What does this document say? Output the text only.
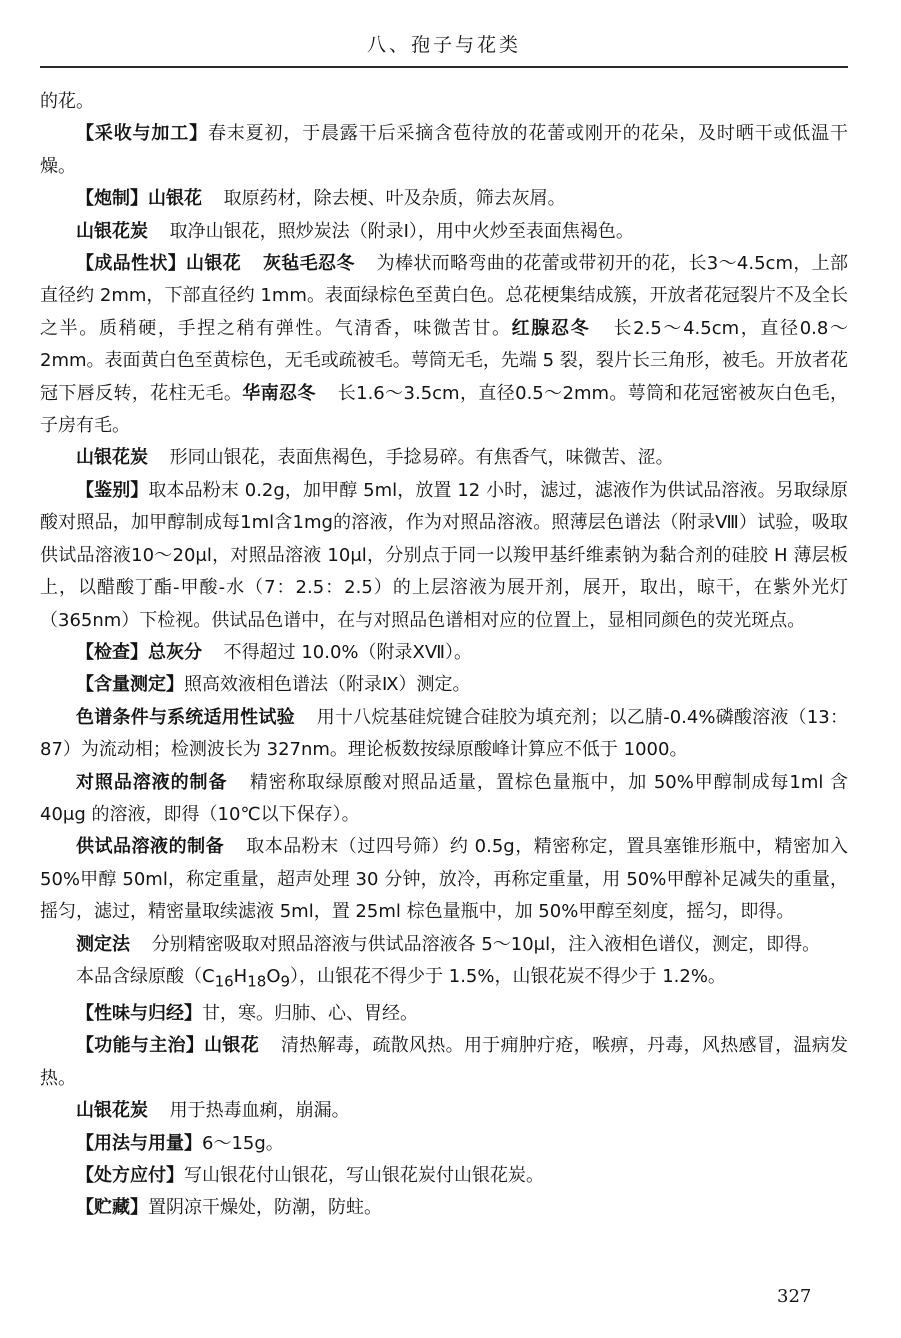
八、孢子与花类

的花。

【采收与加工】春末夏初，于晨露干后采摘含苞待放的花蕾或刚开的花朵，及时晒干或低温干燥。

【炮制】山银花 取原药材，除去梗、叶及杂质，筛去灰屑。

山银花炭 取净山银花，照炒炭法（附录Ⅰ），用中火炒至表面焦褐色。

【成品性状】山银花 灰毡毛忍冬 为棒状而略弯曲的花蕾或带初开的花，长3～4.5cm，上部直径约 2mm，下部直径约 1mm。表面绿棕色至黄白色。总花梗集结成簇，开放者花冠裂片不及全长之半。质稍硬，手捏之稍有弹性。气清香，味微苦甘。红腺忍冬 长2.5～4.5cm，直径0.8～2mm。表面黄白色至黄棕色，无毛或疏被毛。萼筒无毛，先端 5 裂，裂片长三角形，被毛。开放者花冠下唇反转，花柱无毛。华南忍冬 长1.6～3.5cm，直径0.5～2mm。萼筒和花冠密被灰白色毛，子房有毛。

山银花炭 形同山银花，表面焦褐色，手捻易碎。有焦香气，味微苦、涩。

【鉴别】取本品粉末 0.2g，加甲醇 5ml，放置 12 小时，滤过，滤液作为供试品溶液。另取绿原酸对照品，加甲醇制成每1ml含1mg的溶液，作为对照品溶液。照薄层色谱法（附录Ⅷ）试验，吸取供试品溶液10～20μl，对照品溶液 10μl，分别点于同一以羧甲基纤维素钠为黏合剂的硅胶 H 薄层板上，以醋酸丁酯-甲酸-水（7：2.5：2.5）的上层溶液为展开剂，展开，取出，晾干，在紫外光灯（365nm）下检视。供试品色谱中，在与对照品色谱相对应的位置上，显相同颜色的荧光斑点。

【检查】总灰分 不得超过 10.0%（附录ⅩⅦ）。

【含量测定】照高效液相色谱法（附录Ⅸ）测定。

色谱条件与系统适用性试验 用十八烷基硅烷键合硅胶为填充剂；以乙腈-0.4%磷酸溶液（13：87）为流动相；检测波长为 327nm。理论板数按绿原酸峰计算应不低于 1000。

对照品溶液的制备 精密称取绿原酸对照品适量，置棕色量瓶中，加 50%甲醇制成每1ml 含 40μg 的溶液，即得（10℃以下保存）。

供试品溶液的制备 取本品粉末（过四号筛）约 0.5g，精密称定，置具塞锥形瓶中，精密加入 50%甲醇 50ml，称定重量，超声处理 30 分钟，放冷，再称定重量，用 50%甲醇补足减失的重量，摇匀，滤过，精密量取续滤液 5ml，置 25ml 棕色量瓶中，加 50%甲醇至刻度，摇匀，即得。

测定法 分别精密吸取对照品溶液与供试品溶液各 5～10μl，注入液相色谱仪，测定，即得。

本品含绿原酸$(C_{16}H_{18}O_9)$，山银花不得少于 1.5%，山银花炭不得少于 1.2%。

【性味与归经】甘，寒。归肺、心、胃经。

【功能与主治】山银花 清热解毒，疏散风热。用于痈肿疔疮，喉痹，丹毒，风热感冒，温病发热。

山银花炭 用于热毒血痢，崩漏。

【用法与用量】6～15g。

【处方应付】写山银花付山银花，写山银花炭付山银花炭。

【贮藏】置阴凉干燥处，防潮，防蛀。

327
